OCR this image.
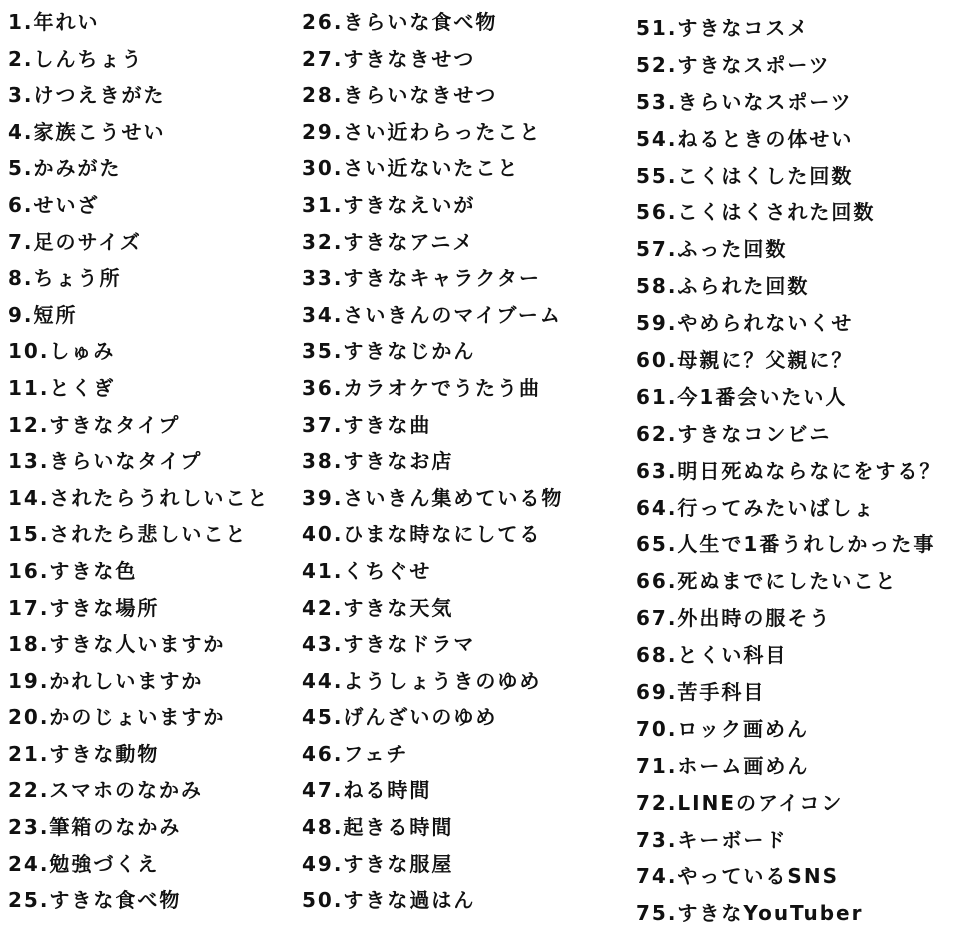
1.年れい
2.しんちょう
3.けつえきがた
4.家族こうせい
5.かみがた
6.せいざ
7.足のサイズ
8.ちょう所
9.短所
10.しゅみ
11.とくぎ
12.すきなタイプ
13.きらいなタイプ
14.されたらうれしいこと
15.されたら悲しいこと
16.すきな色
17.すきな場所
18.すきな人いますか
19.かれしいますか
20.かのじょいますか
21.すきな動物
22.スマホのなかみ
23.筆箱のなかみ
24.勉強づくえ
25.すきな食べ物
26.きらいな食べ物
27.すきなきせつ
28.きらいなきせつ
29.さい近わらったこと
30.さい近ないたこと
31.すきなえいが
32.すきなアニメ
33.すきなキャラクター
34.さいきんのマイブーム
35.すきなじかん
36.カラオケでうたう曲
37.すきな曲
38.すきなお店
39.さいきん集めている物
40.ひまな時なにしてる
41.くちぐせ
42.すきな天気
43.すきなドラマ
44.ようしょうきのゆめ
45.げんざいのゆめ
46.フェチ
47.ねる時間
48.起きる時間
49.すきな服屋
50.すきな過はん
51.すきなコスメ
52.すきなスポーツ
53.きらいなスポーツ
54.ねるときの体せい
55.こくはくした回数
56.こくはくされた回数
57.ふった回数
58.ふられた回数
59.やめられないくせ
60.母親に？父親に？
61.今1番会いたい人
62.すきなコンビニ
63.明日死ぬならなにをする？
64.行ってみたいばしょ
65.人生で1番うれしかった事
66.死ぬまでにしたいこと
67.外出時の服そう
68.とくい科目
69.苦手科目
70.ロック画めん
71.ホーム画めん
72.LINEのアイコン
73.キーボード
74.やっているSNS
75.すきなYouTuber
